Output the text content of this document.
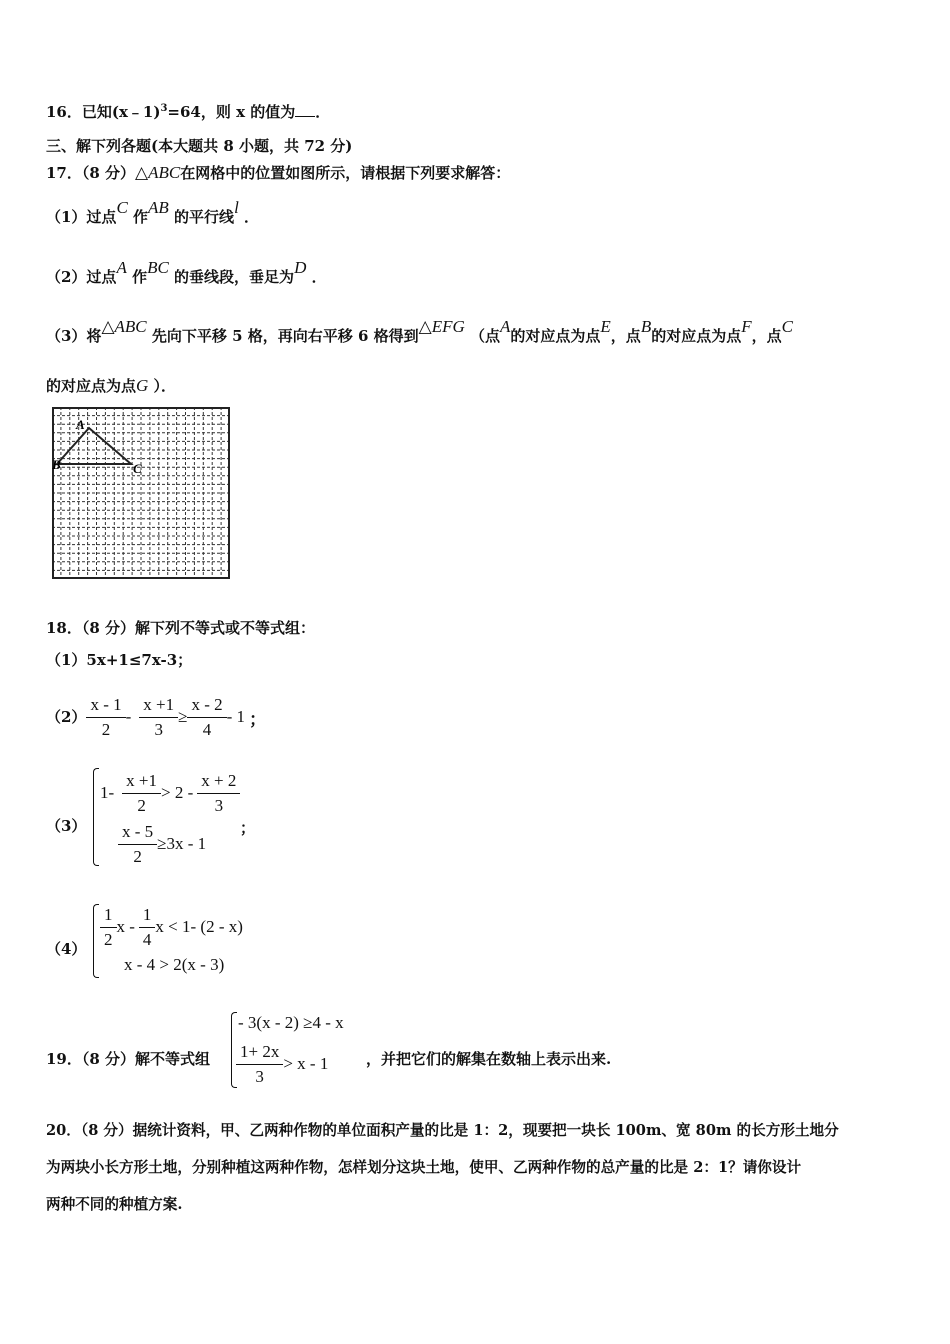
16．已知(x﹣1)$^3$=64，则 x 的值为 ．
三、解下列各题(本大题共 8 小题，共 72 分)
17．（8 分）△ABC在网格中的位置如图所示，请根据下列要求解答：
（1）过点C 作AB 的平行线l ．
（2）过点A 作BC 的垂线段，垂足为D ．
（3）将△ABC 先向下平移 5 格，再向右平移 6 格得到△EFG （点A的对应点为点E，点B的对应点为点F，点C
的对应点为点G ）．
A
B	C
18．（8 分）解下列不等式或不等式组：
（1）5x+1≤7x-3；
$(2) \frac{x - 1}{2} - \frac{x +1}{3} \ge \frac{x - 2}{4} - 1$ ；
（3）
$1- \frac{x +1}{2} > 2 - \frac{x + 2}{3}$
$\frac{x - 5}{2} \ge 3x - 1$
；
$(4) \frac{1}{2}$ x - $\frac{1}{4}$ x < 1- (2 - x)
x - 4 > 2(x - 3)
19．（8 分）解不等式组
- 3(x - 2) ≥4 - x
$\frac{1+ 2x}{3} > x - 1$	，并把它们的解集在数轴上表示出来.
20．（8 分）据统计资料，甲、乙两种作物的单位面积产量的比是 1：2，现要把一块长 100m、宽 80m 的长方形土地分
为两块小长方形土地，分别种植这两种作物，怎样划分这块土地，使甲、乙两种作物的总产量的比是 2：1？请你设计
两种不同的种植方案.
